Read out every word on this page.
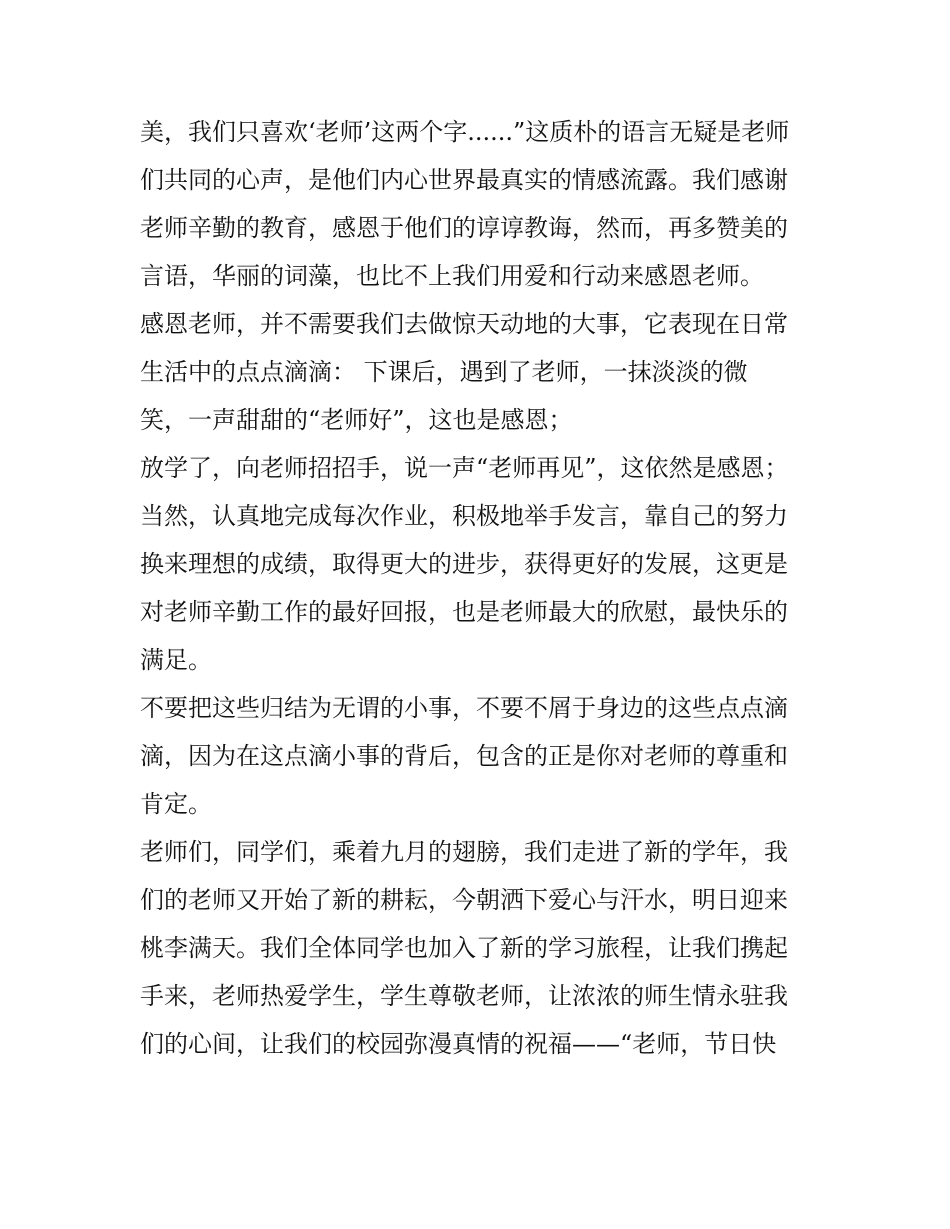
美，我们只喜欢‘老师’这两个字......”这质朴的语言无疑是老师
们共同的心声，是他们内心世界最真实的情感流露。我们感谢
老师辛勤的教育，感恩于他们的谆谆教诲，然而，再多赞美的
言语，华丽的词藻，也比不上我们用爱和行动来感恩老师。
感恩老师，并不需要我们去做惊天动地的大事，它表现在日常
生活中的点点滴滴： 下课后，遇到了老师，一抹淡淡的微
笑，一声甜甜的“老师好”，这也是感恩；
放学了，向老师招招手，说一声“老师再见”，这依然是感恩；
当然，认真地完成每次作业，积极地举手发言，靠自己的努力
换来理想的成绩，取得更大的进步，获得更好的发展，这更是
对老师辛勤工作的最好回报，也是老师最大的欣慰，最快乐的
满足。
不要把这些归结为无谓的小事，不要不屑于身边的这些点点滴
滴，因为在这点滴小事的背后，包含的正是你对老师的尊重和
肯定。
老师们，同学们，乘着九月的翅膀，我们走进了新的学年，我
们的老师又开始了新的耕耘，今朝洒下爱心与汗水，明日迎来
桃李满天。我们全体同学也加入了新的学习旅程，让我们携起
手来，老师热爱学生，学生尊敬老师，让浓浓的师生情永驻我
们的心间，让我们的校园弥漫真情的祝福——“老师，节日快
